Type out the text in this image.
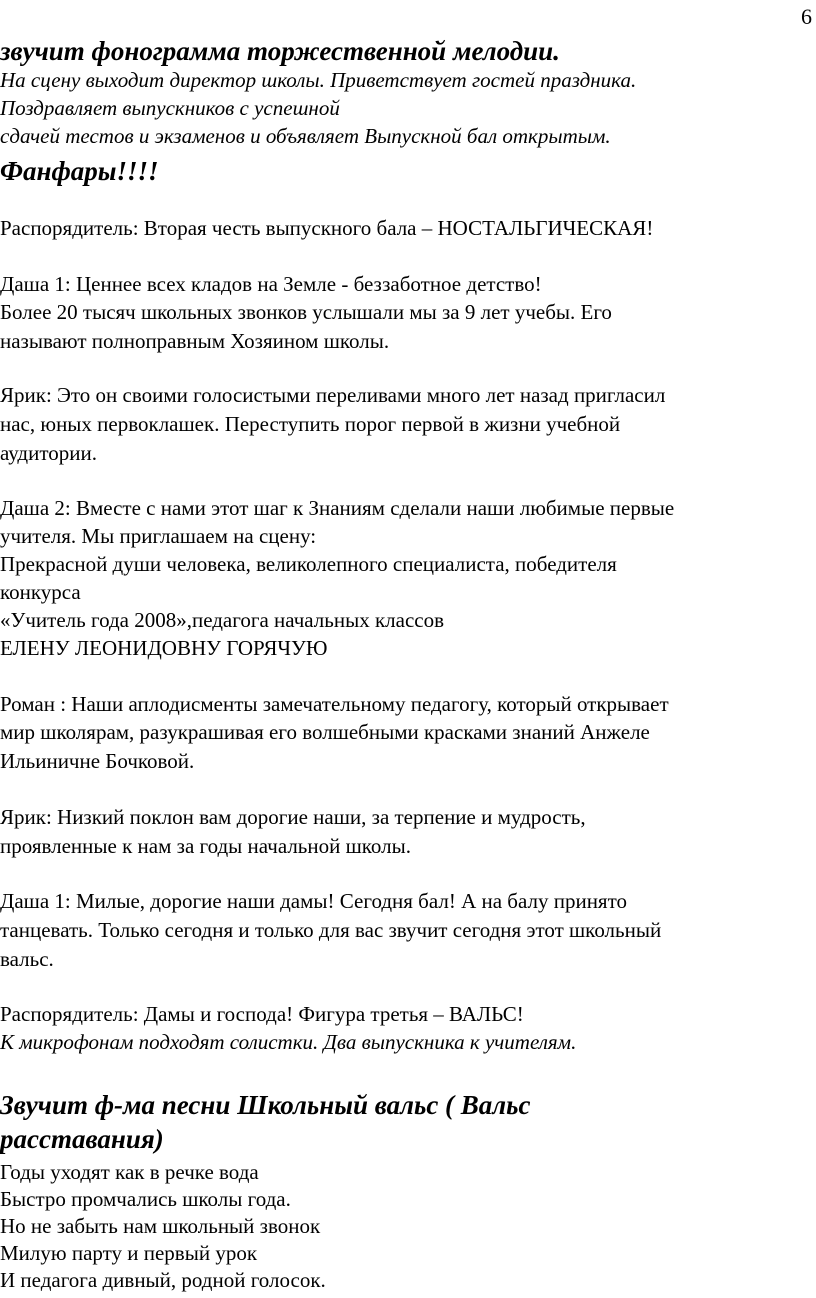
6
звучит фонограмма торжественной мелодии.
На сцену выходит директор школы. Приветствует гостей праздника.
Поздравляет выпускников с успешной
сдачей тестов и экзаменов и объявляет Выпускной бал открытым.
Фанфары!!!!
Распорядитель: Вторая честь выпускного бала – НОСТАЛЬГИЧЕСКАЯ!
Даша 1: Ценнее всех кладов на Земле - беззаботное детство!
Более 20 тысяч школьных звонков услышали мы за 9 лет учебы. Его
называют полноправным Хозяином школы.
Ярик: Это он своими голосистыми переливами много лет назад пригласил
нас, юных первоклашек. Переступить порог первой в жизни учебной
аудитории.
Даша 2: Вместе с нами этот шаг к Знаниям сделали наши любимые первые
учителя. Мы приглашаем на сцену:
Прекрасной души человека, великолепного специалиста, победителя
конкурса
«Учитель года 2008»,педагога начальных классов
ЕЛЕНУ ЛЕОНИДОВНУ ГОРЯЧУЮ
Роман : Наши аплодисменты замечательному педагогу, который открывает
мир школярам, разукрашивая его волшебными красками знаний Анжеле
Ильиничне Бочковой.
Ярик: Низкий поклон вам дорогие наши, за терпение и мудрость,
проявленные к нам за годы начальной школы.
Даша 1: Милые, дорогие наши дамы! Сегодня бал! А на балу принято
танцевать. Только сегодня и только для вас звучит сегодня этот школьный
вальс.
Распорядитель: Дамы и господа! Фигура третья – ВАЛЬС!
К микрофонам подходят солистки. Два выпускника к учителям.
Звучит ф-ма песни Школьный вальс ( Вальс
расставания)
Годы уходят как в речке вода
Быстро промчались школы года.
Но не забыть нам школьный звонок
Милую парту и первый урок
И педагога дивный, родной голосок.
